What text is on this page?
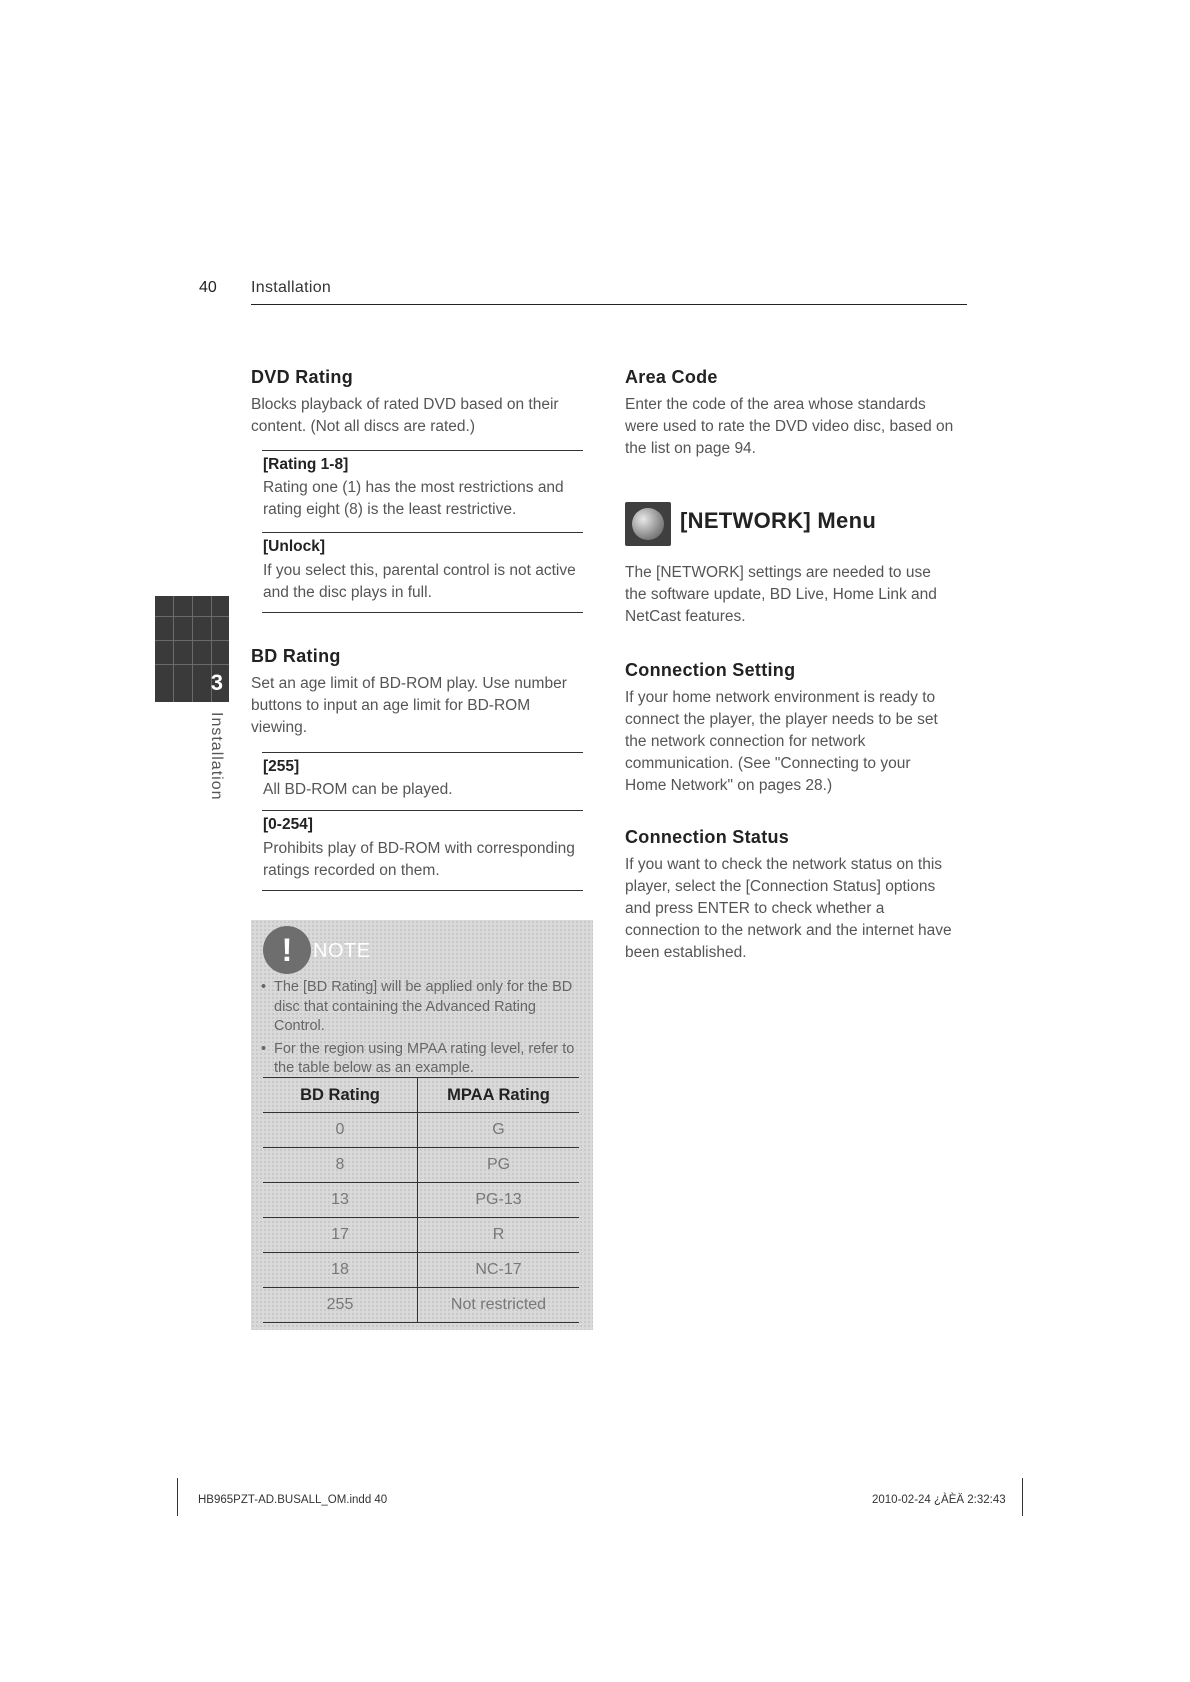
40 Installation
3
Installation
DVD Rating
Blocks playback of rated DVD based on their content. (Not all discs are rated.)
[Rating 1-8]
Rating one (1) has the most restrictions and rating eight (8) is the least restrictive.
[Unlock]
If you select this, parental control is not active and the disc plays in full.
BD Rating
Set an age limit of BD-ROM play. Use number buttons to input an age limit for BD-ROM viewing.
[255]
All BD-ROM can be played.
[0-254]
Prohibits play of BD-ROM with corresponding ratings recorded on them.
!	NOTE
• The [BD Rating] will be applied only for the BD disc that containing the Advanced Rating Control.
• For the region using MPAA rating level, refer to the table below as an example.
BD Rating	MPAA Rating
0	G
8	PG
13	PG-13
17	R
18	NC-17
255	Not restricted
Area Code
Enter the code of the area whose standards were used to rate the DVD video disc, based on the list on page 94.
[NETWORK] Menu
The [NETWORK] settings are needed to use the software update, BD Live, Home Link and NetCast features.
Connection Setting
If your home network environment is ready to connect the player, the player needs to be set the network connection for network communication. (See "Connecting to your Home Network" on pages 28.)
Connection Status
If you want to check the network status on this player, select the [Connection Status] options and press ENTER to check whether a connection to the network and the internet have been established.
HB965PZT-AD.BUSALL_OM.indd 40	2010-02-24 ¿ÀÈÄ 2:32:43
